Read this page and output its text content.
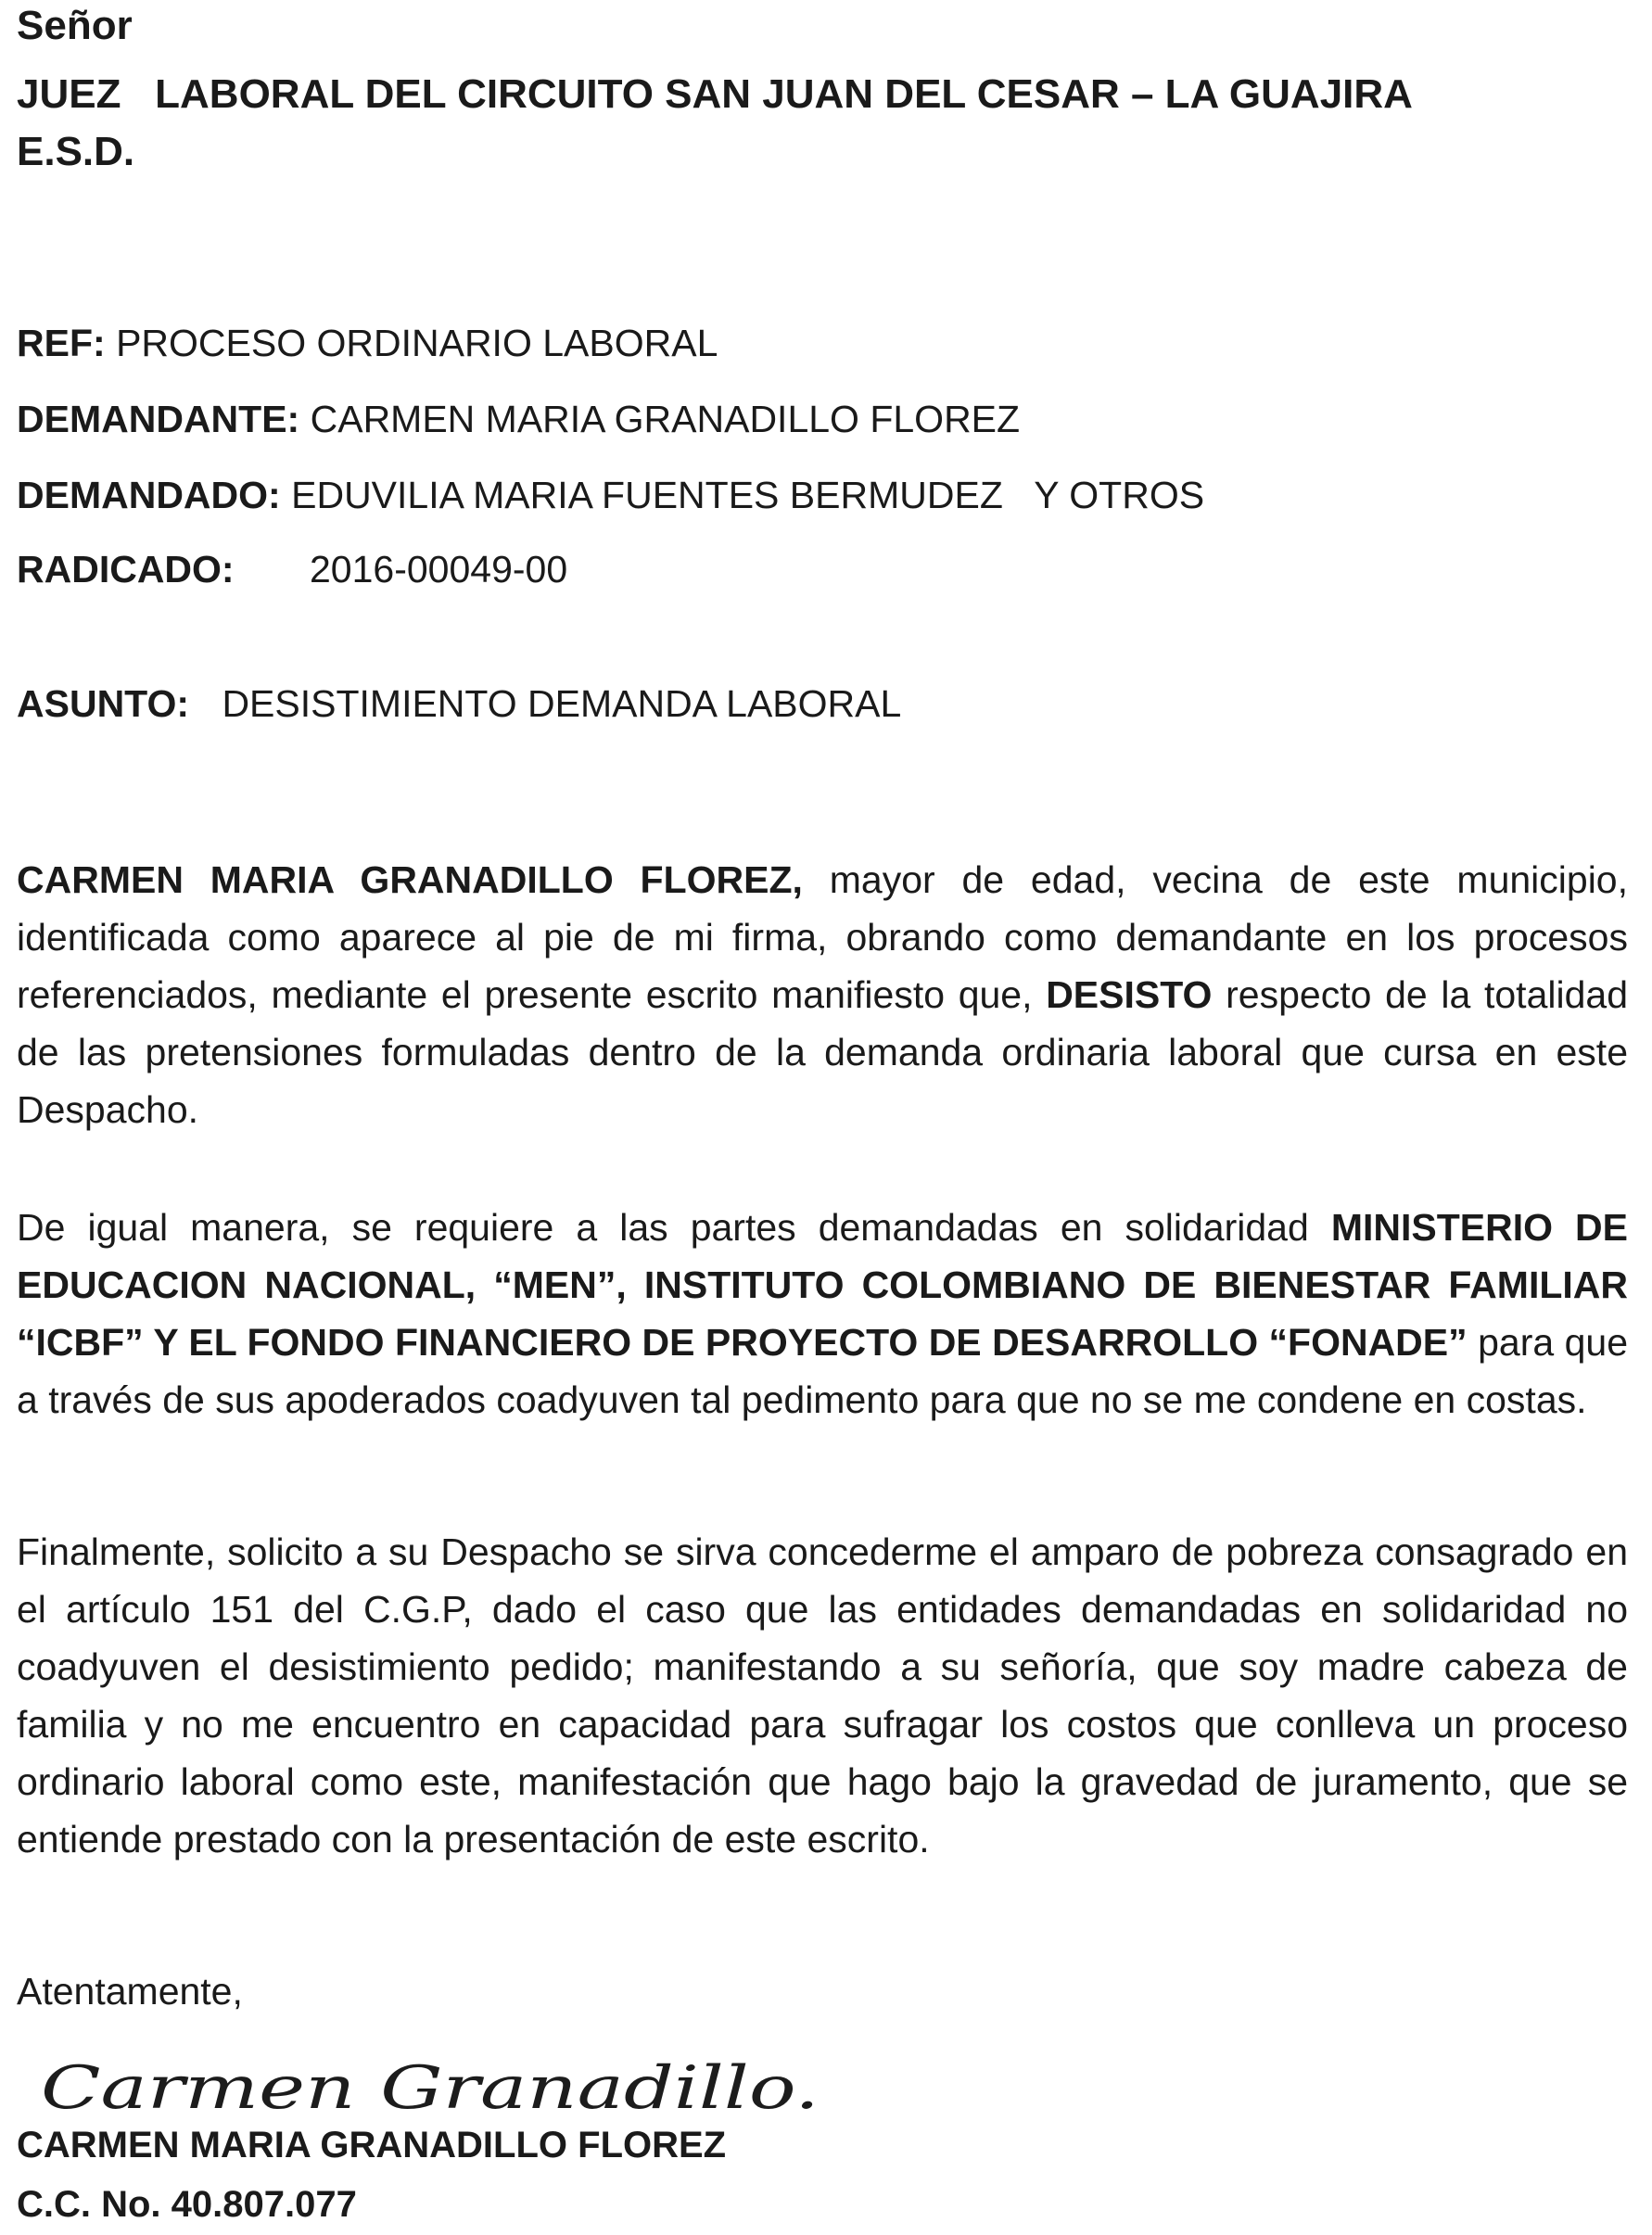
Señor
JUEZ   LABORAL DEL CIRCUITO SAN JUAN DEL CESAR – LA GUAJIRA
E.S.D.
REF: PROCESO ORDINARIO LABORAL
DEMANDANTE: CARMEN MARIA GRANADILLO FLOREZ
DEMANDADO: EDUVILIA MARIA FUENTES BERMUDEZ   Y OTROS
RADICADO: 2016-00049-00
ASUNTO: DESISTIMIENTO DEMANDA LABORAL

CARMEN MARIA GRANADILLO FLOREZ, mayor de edad, vecina de este municipio, identificada como aparece al pie de mi firma, obrando como demandante en los procesos referenciados, mediante el presente escrito manifiesto que, DESISTO respecto de la totalidad de las pretensiones formuladas dentro de la demanda ordinaria laboral que cursa en este Despacho.

De igual manera, se requiere a las partes demandadas en solidaridad MINISTERIO DE EDUCACION NACIONAL, “MEN”, INSTITUTO COLOMBIANO DE BIENESTAR FAMILIAR “ICBF” Y EL FONDO FINANCIERO DE PROYECTO DE DESARROLLO “FONADE” para que a través de sus apoderados coadyuven tal pedimento para que no se me condene en costas.

Finalmente, solicito a su Despacho se sirva concederme el amparo de pobreza consagrado en el artículo 151 del C.G.P, dado el caso que las entidades demandadas en solidaridad no coadyuven el desistimiento pedido; manifestando a su señoría, que soy madre cabeza de familia y no me encuentro en capacidad para sufragar los costos que conlleva un proceso ordinario laboral como este, manifestación que hago bajo la gravedad de juramento, que se entiende prestado con la presentación de este escrito.

Atentamente,
Carmen Granadillo.
CARMEN MARIA GRANADILLO FLOREZ
C.C. No. 40.807.077
